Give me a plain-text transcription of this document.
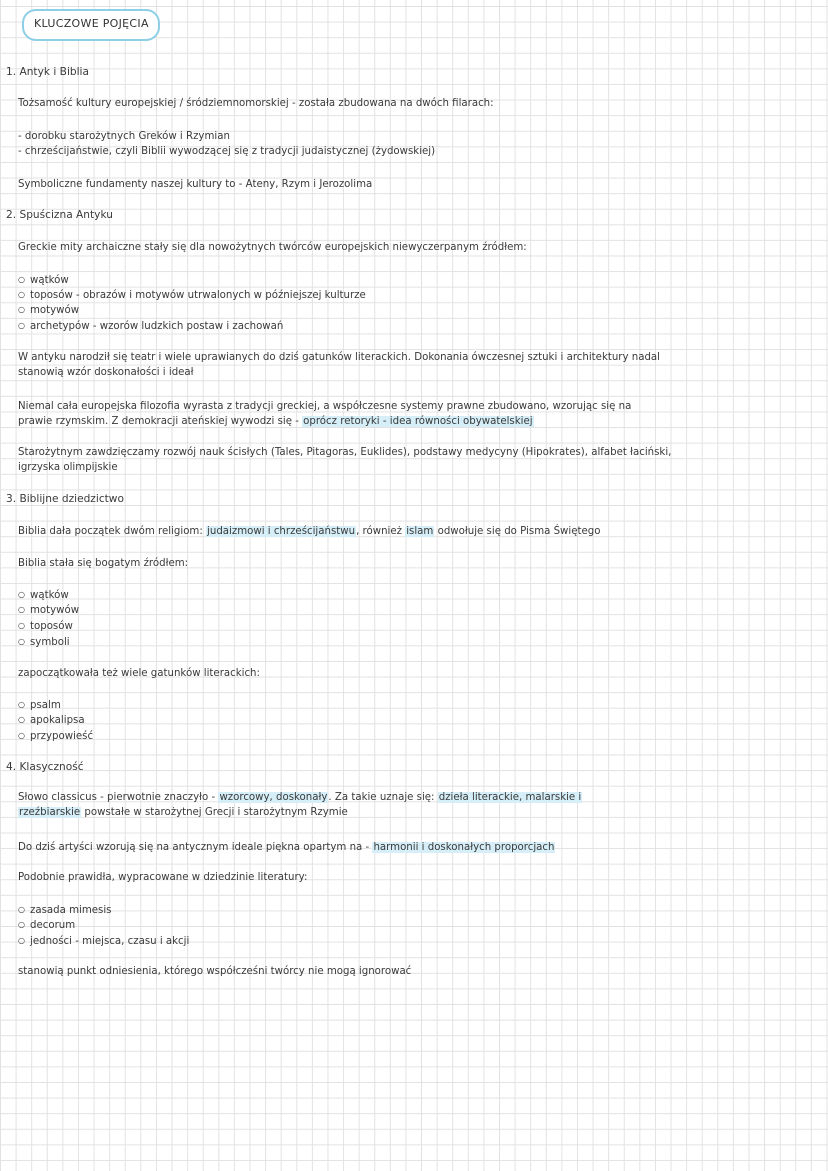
KLUCZOWE POJĘCIA
1. Antyk i Biblia
Tożsamość kultury europejskiej / śródziemnomorskiej - została zbudowana na dwóch filarach:
- dorobku starożytnych Greków i Rzymian
- chrześcijaństwie, czyli Biblii wywodzącej się z tradycji judaistycznej (żydowskiej)
Symboliczne fundamenty naszej kultury to - Ateny, Rzym i Jerozolima
2. Spuścizna Antyku
Greckie mity archaiczne stały się dla nowożytnych twórców europejskich niewyczerpanym źródłem:
○ wątków
○ toposów - obrazów i motywów utrwalonych w późniejszej kulturze
○ motywów
○ archetypów - wzorów ludzkich postaw i zachowań
W antyku narodził się teatr i wiele uprawianych do dziś gatunków literackich. Dokonania ówczesnej sztuki i architektury nadal
stanowią wzór doskonałości i ideał
Niemal cała europejska filozofia wyrasta z tradycji greckiej, a współczesne systemy prawne zbudowano, wzorując się na
prawie rzymskim. Z demokracji ateńskiej wywodzi się - oprócz retoryki - idea równości obywatelskiej
Starożytnym zawdzięczamy rozwój nauk ścisłych (Tales, Pitagoras, Euklides), podstawy medycyny (Hipokrates), alfabet łaciński,
igrzyska olimpijskie
3. Biblijne dziedzictwo
Biblia dała początek dwóm religiom: judaizmowi i chrześcijaństwu, również islam odwołuje się do Pisma Świętego
Biblia stała się bogatym źródłem:
○ wątków
○ motywów
○ toposów
○ symboli
zapoczątkowała też wiele gatunków literackich:
○ psalm
○ apokalipsa
○ przypowieść
4. Klasyczność
Słowo classicus - pierwotnie znaczyło - wzorcowy, doskonały. Za takie uznaje się: dzieła literackie, malarskie i
rzeźbiarskie powstałe w starożytnej Grecji i starożytnym Rzymie
Do dziś artyści wzorują się na antycznym ideale piękna opartym na - harmonii i doskonałych proporcjach
Podobnie prawidła, wypracowane w dziedzinie literatury:
○ zasada mimesis
○ decorum
○ jedności - miejsca, czasu i akcji
stanowią punkt odniesienia, którego współcześni twórcy nie mogą ignorować
